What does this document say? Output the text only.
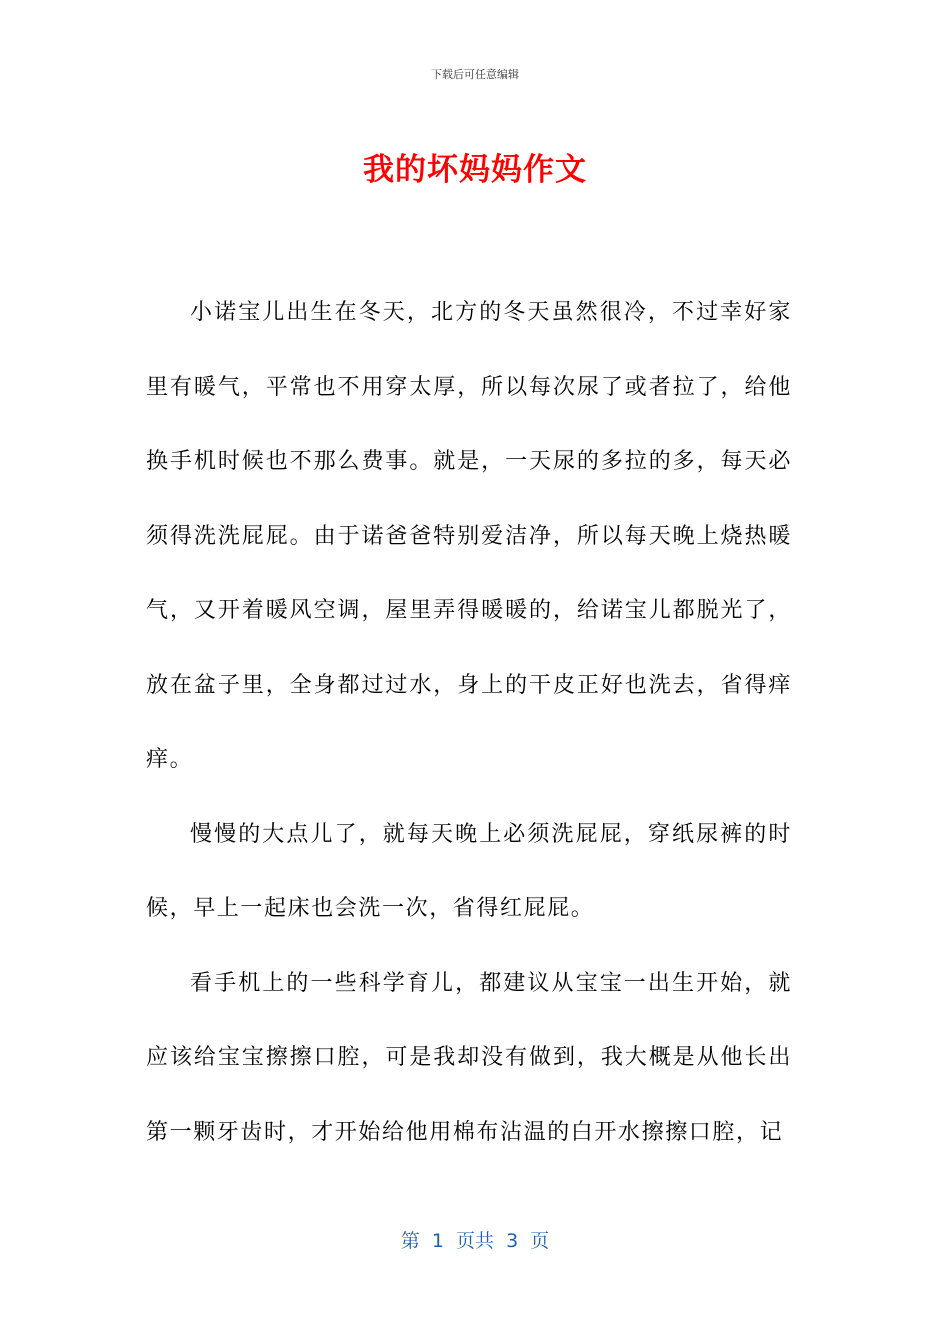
下载后可任意编辑
我的坏妈妈作文

小诺宝儿出生在冬天，北方的冬天虽然很冷，不过幸好家里有暖气，平常也不用穿太厚，所以每次尿了或者拉了，给他换手机时候也不那么费事。就是，一天尿的多拉的多，每天必须得洗洗屁屁。由于诺爸爸特别爱洁净，所以每天晚上烧热暖气，又开着暖风空调，屋里弄得暖暖的，给诺宝儿都脱光了，放在盆子里，全身都过过水，身上的干皮正好也洗去，省得痒痒。

慢慢的大点儿了，就每天晚上必须洗屁屁，穿纸尿裤的时候，早上一起床也会洗一次，省得红屁屁。

看手机上的一些科学育儿，都建议从宝宝一出生开始，就应该给宝宝擦擦口腔，可是我却没有做到，我大概是从他长出第一颗牙齿时，才开始给他用棉布沾温的白开水擦擦口腔，记

第  1  页共  3  页
